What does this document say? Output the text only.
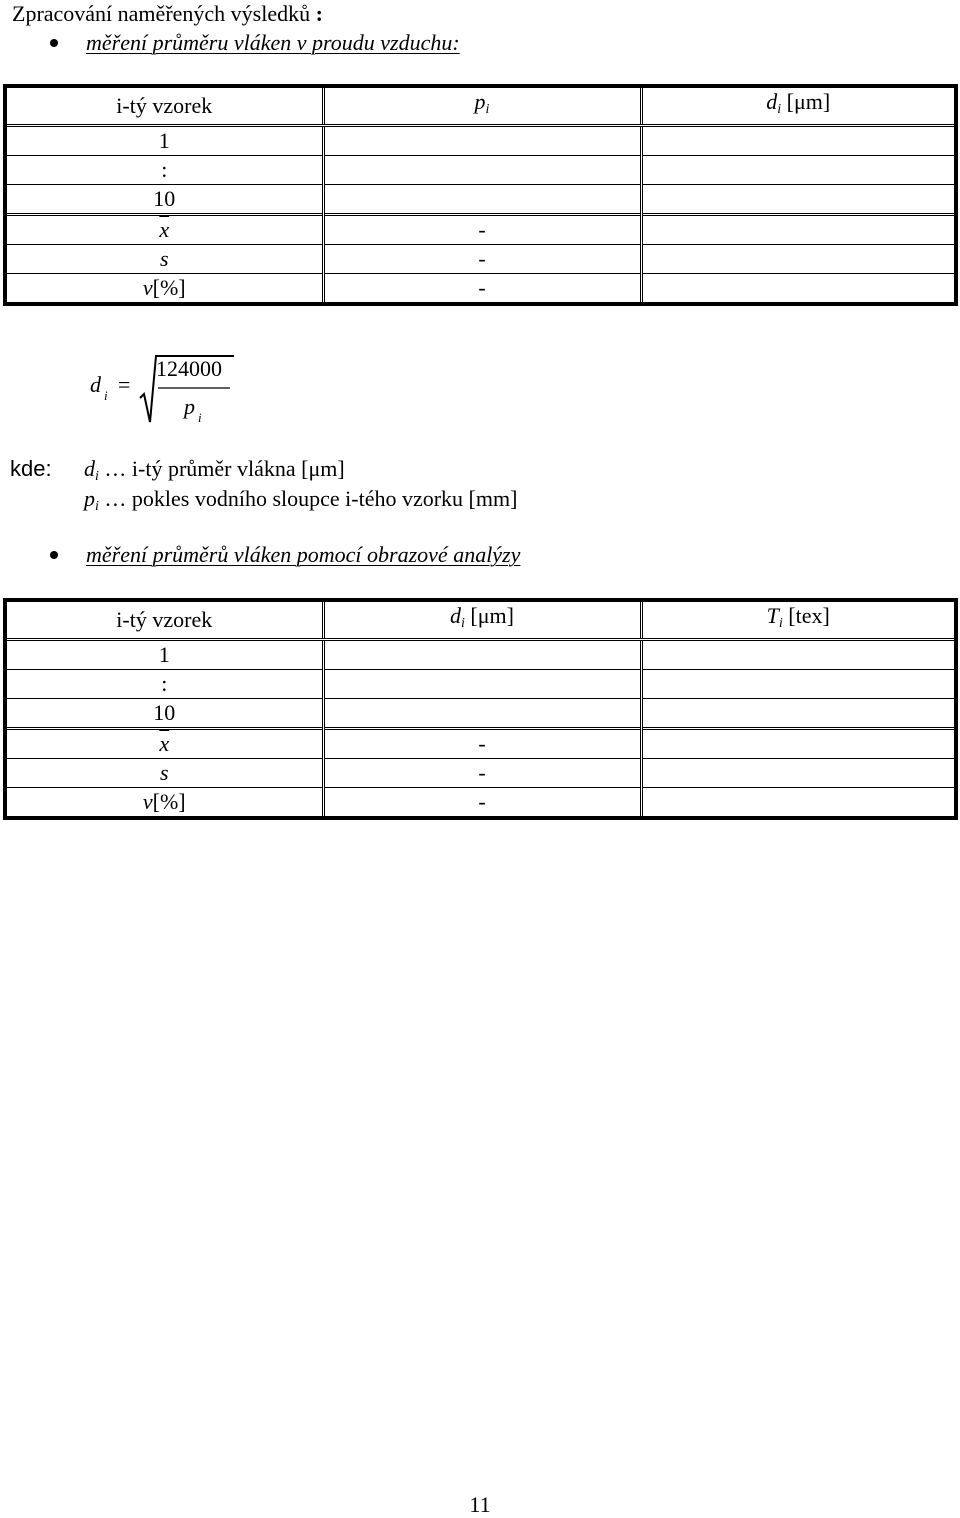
Zpracování naměřených výsledků :
měření průměru vláken v proudu vzduchu:
i-tý vzorek	$p_i$	$d_i$ [μm]
1		
:		
10		
$\overline{x}$	-	
s	-	
v[%]	-	
d i =
124000
p i
kde: $d_i$ … i-tý průměr vlákna [μm]
$p_i$ … pokles vodního sloupce i-tého vzorku [mm]
měření průměrů vláken pomocí obrazové analýzy
i-tý vzorek	$d_i$ [μm]	$T_i$ [tex]
1		
:		
10		
$\overline{x}$	-	
s	-	
v[%]	-	
11
